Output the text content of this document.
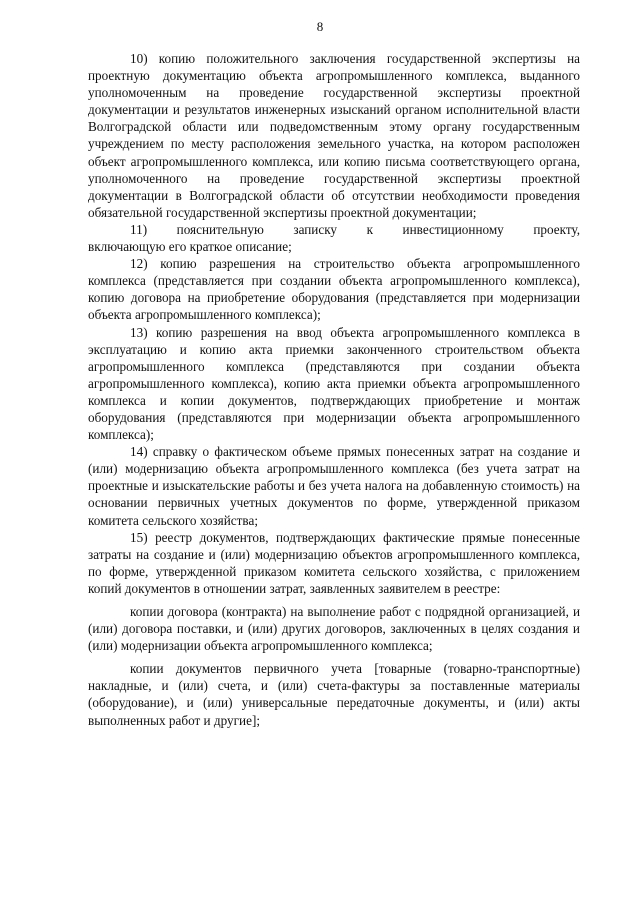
8

10) копию положительного заключения государственной экспертизы на проектную документацию объекта агропромышленного комплекса, выданного уполномоченным на проведение государственной экспертизы проектной документации и результатов инженерных изысканий органом исполнительной власти Волгоградской области или подведомственным этому органу государственным учреждением по месту расположения земельного участка, на котором расположен объект агропромышленного комплекса, или копию письма соответствующего органа, уполномоченного на проведение государственной экспертизы проектной документации в Волгоградской области об отсутствии необходимости проведения обязательной государственной экспертизы проектной документации;

11) пояснительную записку к инвестиционному проекту,

включающую его краткое описание;

12) копию разрешения на строительство объекта агропромышленного комплекса (представляется при создании объекта агропромышленного комплекса), копию договора на приобретение оборудования (представляется при модернизации объекта агропромышленного комплекса);

13) копию разрешения на ввод объекта агропромышленного комплекса в эксплуатацию и копию акта приемки законченного строительством объекта агропромышленного комплекса (представляются при создании объекта агропромышленного комплекса), копию акта приемки объекта агропромышленного комплекса и копии документов, подтверждающих приобретение и монтаж оборудования (представляются при модернизации объекта агропромышленного комплекса);

14) справку о фактическом объеме прямых понесенных затрат на создание и (или) модернизацию объекта агропромышленного комплекса (без учета затрат на проектные и изыскательские работы и без учета налога на добавленную стоимость) на основании первичных учетных документов по форме, утвержденной приказом комитета сельского хозяйства;

15) реестр документов, подтверждающих фактические прямые понесенные затраты на создание и (или) модернизацию объектов агропромышленного комплекса, по форме, утвержденной приказом комитета сельского хозяйства, с приложением копий документов в отношении затрат, заявленных заявителем в реестре:

копии договора (контракта) на выполнение работ с подрядной организацией, и (или) договора поставки, и (или) других договоров, заключенных в целях создания и (или) модернизации объекта агропромышленного комплекса;

копии документов первичного учета [товарные (товарно-транспортные) накладные, и (или) счета, и (или) счета-фактуры за поставленные материалы (оборудование), и (или) универсальные передаточные документы, и (или) акты выполненных работ и другие];
